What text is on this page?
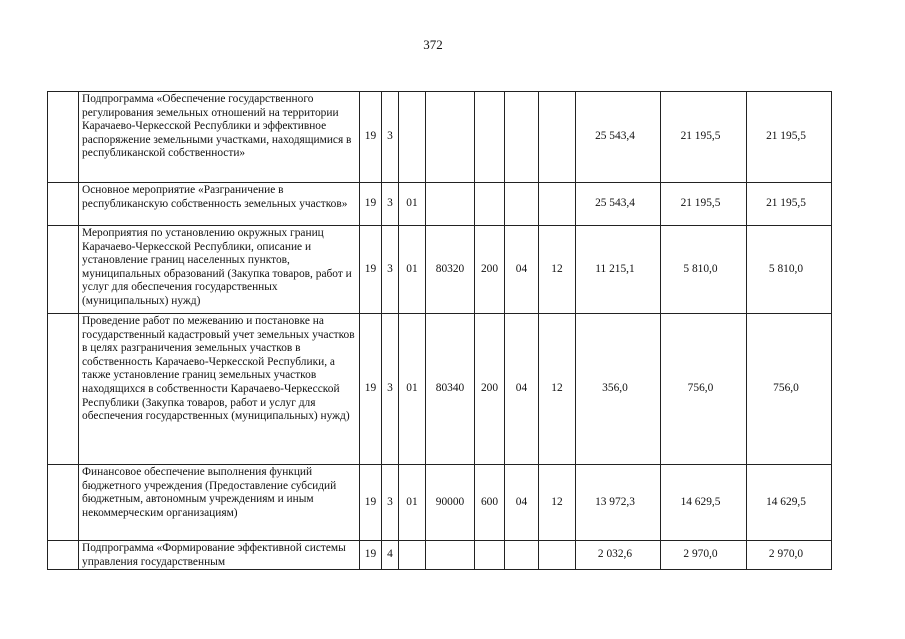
372
	Подпрограмма «Обеспечение государственного регулирования земельных отношений на территории Карачаево-Черкесской Республики и эффективное распоряжение земельными участками, находящимися в республиканской собственности»	19	3						25 543,4	21 195,5	21 195,5
	Основное мероприятие «Разграничение в республиканскую собственность земельных участков»	19	3	01					25 543,4	21 195,5	21 195,5
	Мероприятия по установлению окружных границ Карачаево-Черкесской Республики, описание и установление границ населенных пунктов, муниципальных образований (Закупка товаров, работ и услуг для обеспечения государственных (муниципальных) нужд)	19	3	01	80320	200	04	12	11 215,1	5 810,0	5 810,0
	Проведение работ по межеванию и постановке на государственный кадастровый учет земельных участков в целях разграничения земельных участков в собственность Карачаево-Черкесской Республики, а также установление границ земельных участков находящихся в собственности Карачаево-Черкесской Республики (Закупка товаров, работ и услуг для обеспечения государственных (муниципальных) нужд)	19	3	01	80340	200	04	12	356,0	756,0	756,0
	Финансовое обеспечение выполнения функций бюджетного учреждения (Предоставление субсидий бюджетным, автономным учреждениям и иным некоммерческим организациям)	19	3	01	90000	600	04	12	13 972,3	14 629,5	14 629,5
	Подпрограмма «Формирование эффективной системы управления государственным	19	4						2 032,6	2 970,0	2 970,0
